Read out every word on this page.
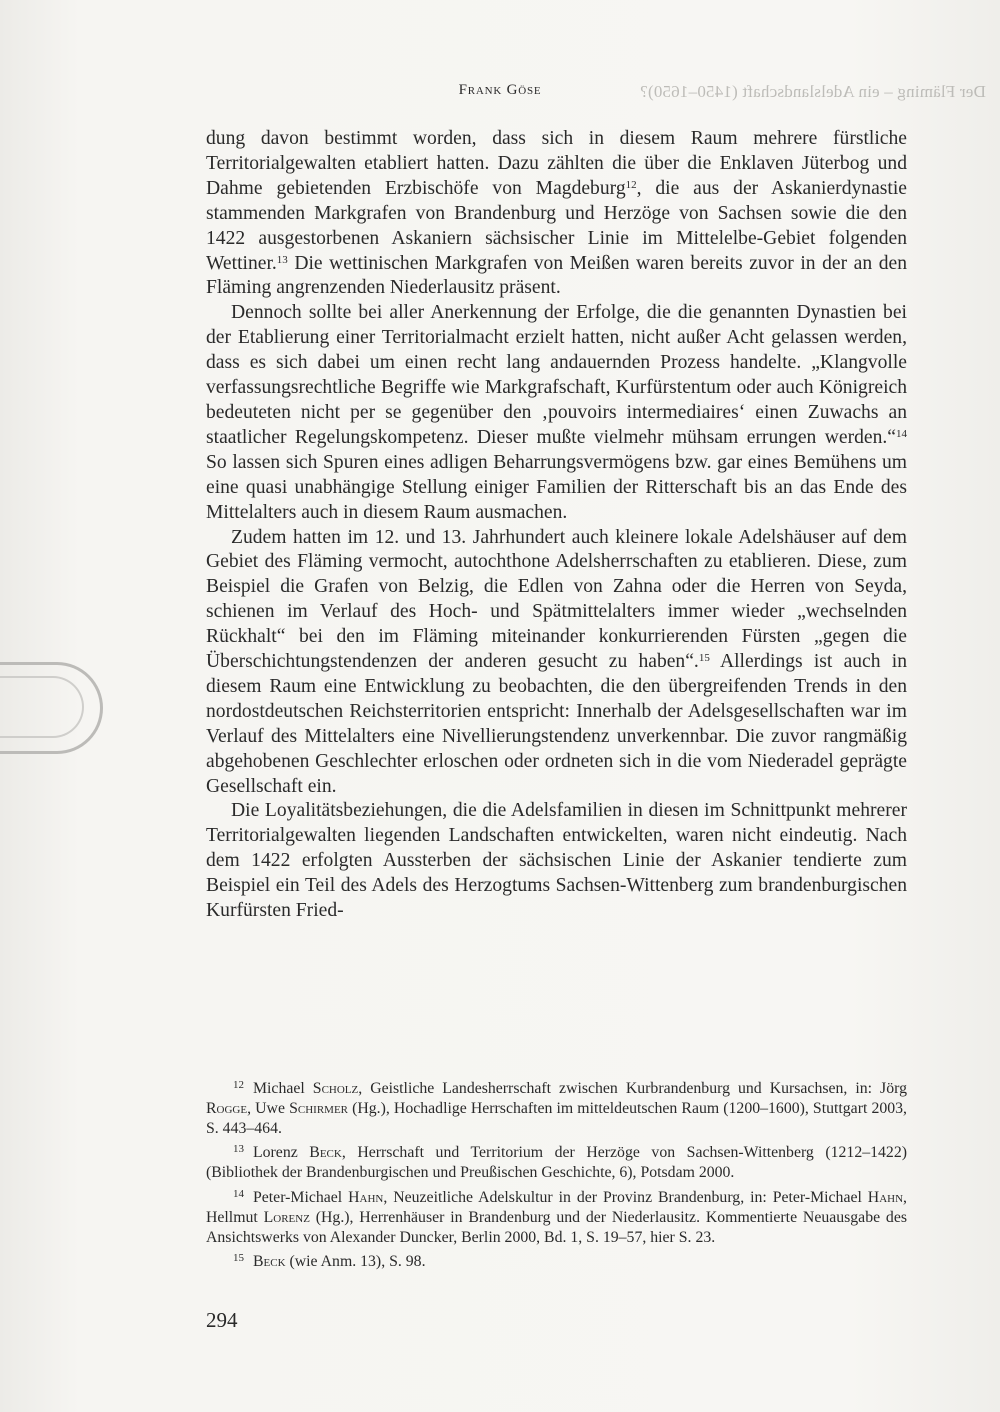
Der Fläming – ein Adelslandschaft (1450–1650)?
Frank Göse

dung davon bestimmt worden, dass sich in diesem Raum mehrere fürstliche Territorialgewalten etabliert hatten. Dazu zählten die über die Enklaven Jüterbog und Dahme gebietenden Erzbischöfe von Magdeburg$^{12}$, die aus der Askanierdynastie stammenden Markgrafen von Brandenburg und Herzöge von Sachsen sowie die den 1422 ausgestorbenen Askaniern sächsischer Linie im Mittelelbe-Gebiet folgenden Wettiner.$^{13}$ Die wettinischen Markgrafen von Meißen waren bereits zuvor in der an den Fläming angrenzenden Niederlausitz präsent.

Dennoch sollte bei aller Anerkennung der Erfolge, die die genannten Dynastien bei der Etablierung einer Territorialmacht erzielt hatten, nicht außer Acht gelassen werden, dass es sich dabei um einen recht lang andauernden Prozess handelte. „Klangvolle verfassungsrechtliche Begriffe wie Markgrafschaft, Kurfürstentum oder auch Königreich bedeuteten nicht per se gegenüber den ‚pouvoirs intermediaires‘ einen Zuwachs an staatlicher Regelungskompetenz. Dieser mußte vielmehr mühsam errungen werden.“$^{14}$ So lassen sich Spuren eines adligen Beharrungsvermögens bzw. gar eines Bemühens um eine quasi unabhängige Stellung einiger Familien der Ritterschaft bis an das Ende des Mittelalters auch in diesem Raum ausmachen.

Zudem hatten im 12. und 13. Jahrhundert auch kleinere lokale Adelshäuser auf dem Gebiet des Fläming vermocht, autochthone Adelsherrschaften zu etablieren. Diese, zum Beispiel die Grafen von Belzig, die Edlen von Zahna oder die Herren von Seyda, schienen im Verlauf des Hoch- und Spätmittelalters immer wieder „wechselnden Rückhalt“ bei den im Fläming miteinander konkurrierenden Fürsten „gegen die Überschichtungstendenzen der anderen gesucht zu haben“.$^{15}$ Allerdings ist auch in diesem Raum eine Entwicklung zu beobachten, die den übergreifenden Trends in den nordostdeutschen Reichsterritorien entspricht: Innerhalb der Adelsgesellschaften war im Verlauf des Mittelalters eine Nivellierungstendenz unverkennbar. Die zuvor rangmäßig abgehobenen Geschlechter erloschen oder ordneten sich in die vom Niederadel geprägte Gesellschaft ein.

Die Loyalitätsbeziehungen, die die Adelsfamilien in diesen im Schnittpunkt mehrerer Territorialgewalten liegenden Landschaften entwickelten, waren nicht eindeutig. Nach dem 1422 erfolgten Aussterben der sächsischen Linie der Askanier tendierte zum Beispiel ein Teil des Adels des Herzogtums Sachsen-Wittenberg zum brandenburgischen Kurfürsten Fried-

$^{12}$ Michael Scholz, Geistliche Landesherrschaft zwischen Kurbrandenburg und Kursachsen, in: Jörg Rogge, Uwe Schirmer (Hg.), Hochadlige Herrschaften im mitteldeutschen Raum (1200–1600), Stuttgart 2003, S. 443–464.
$^{13}$ Lorenz Beck, Herrschaft und Territorium der Herzöge von Sachsen-Wittenberg (1212–1422) (Bibliothek der Brandenburgischen und Preußischen Geschichte, 6), Potsdam 2000.
$^{14}$ Peter-Michael Hahn, Neuzeitliche Adelskultur in der Provinz Brandenburg, in: Peter-Michael Hahn, Hellmut Lorenz (Hg.), Herrenhäuser in Brandenburg und der Niederlausitz. Kommentierte Neuausgabe des Ansichtswerks von Alexander Duncker, Berlin 2000, Bd. 1, S. 19–57, hier S. 23.
$^{15}$ Beck (wie Anm. 13), S. 98.
294
